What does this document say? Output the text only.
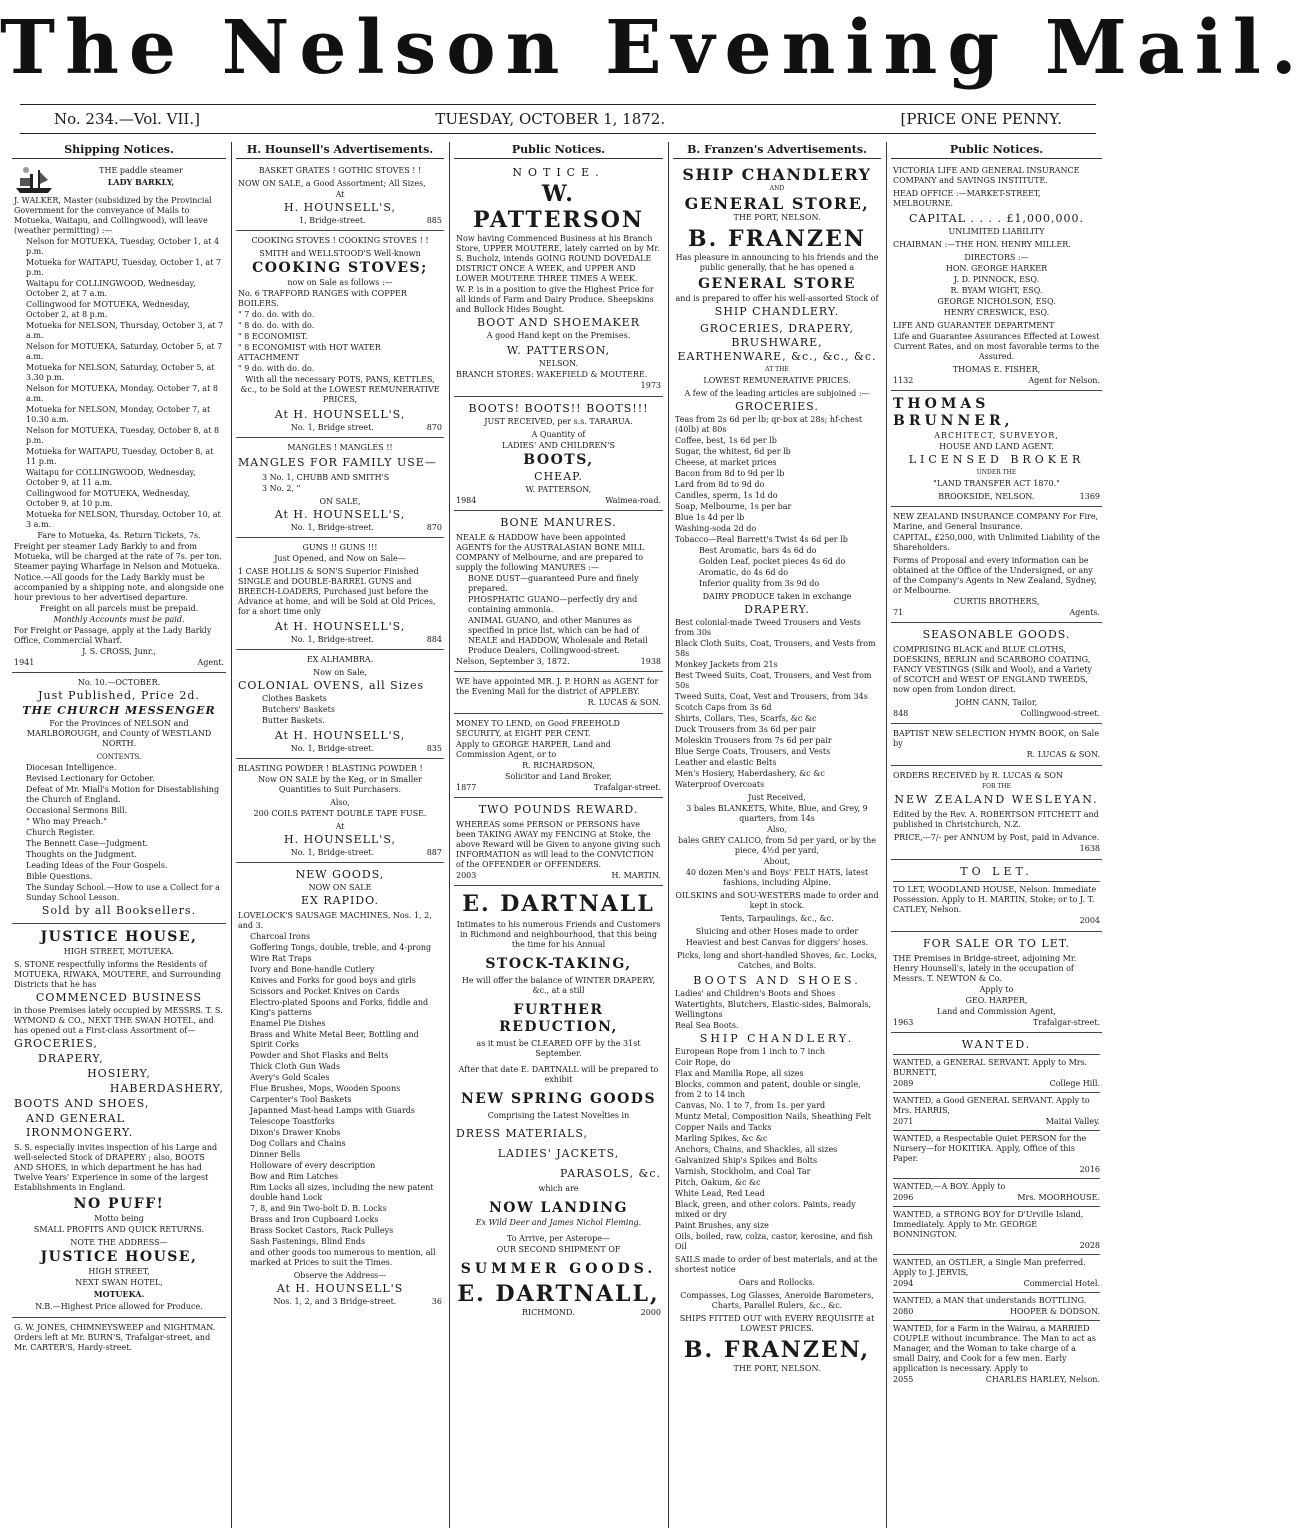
The Nelson Evening Mail.
No. 234.—Vol. VII.]	TUESDAY, OCTOBER 1, 1872.	[PRICE ONE PENNY.
Shipping Notices.

THE paddle steamer

LADY BARKLY,

J. WALKER, Master (subsidized by the Provincial Government for the conveyance of Mails to Motueka, Waitapu, and Collingwood), will leave (weather permitting) :—

Nelson for MOTUEKA, Tuesday, October 1, at 4 p.m.

Motueka for WAITAPU, Tuesday, October 1, at 7 p.m.

Waitapu for COLLINGWOOD, Wednesday, October 2, at 7 a.m.

Collingwood for MOTUEKA, Wednesday, October 2, at 8 p.m.

Motueka for NELSON, Thursday, October 3, at 7 a.m.

Nelson for MOTUEKA, Saturday, October 5, at 7 a.m.

Motueka for NELSON, Saturday, October 5, at 3.30 p.m.

Nelson for MOTUEKA, Monday, October 7, at 8 a.m.

Motueka for NELSON, Monday, October 7, at 10.30 a.m.

Nelson for MOTUEKA, Tuesday, October 8, at 8 p.m.

Motueka for WAITAPU, Tuesday, October 8, at 11 p.m.

Waitapu for COLLINGWOOD, Wednesday, October 9, at 11 a.m.

Collingwood for MOTUEKA, Wednesday, October 9, at 10 p.m.

Motueka for NELSON, Thursday, October 10, at 3 a.m.

Fare to Motueka, 4s. Return Tickets, 7s.

Freight per steamer Lady Barkly to and from Motueka, will be charged at the rate of 7s. per ton. Steamer paying Wharfage in Nelson and Motueka.

Notice.—All goods for the Lady Barkly must be accompanied by a shipping note, and alongside one hour previous to her advertised departure.

Freight on all parcels must be prepaid.

Monthly Accounts must be paid.

For Freight or Passage, apply at the Lady Barkly Office, Commercial Wharf.

J. S. CROSS, Junr.,

1941	Agent.

No. 10.—OCTOBER.

Just Published, Price 2d.

THE CHURCH MESSENGER

For the Provinces of NELSON and MARLBOROUGH, and County of WESTLAND NORTH.

CONTENTS.

Diocesan Intelligence.

Revised Lectionary for October.

Defeat of Mr. Miall's Motion for Disestablishing the Church of England.

Occasional Sermons Bill.

" Who may Preach."

Church Register.

The Bennett Case—Judgment.

Thoughts on the Judgment.

Leading Ideas of the Four Gospels.

Bible Questions.

The Sunday School.—How to use a Collect for a Sunday School Lesson.

Sold by all Booksellers.

JUSTICE HOUSE,

HIGH STREET, MOTUEKA.

S. STONE respectfully informs the Residents of MOTUEKA, RIWAKA, MOUTERE, and Surrounding Districts that he has

COMMENCED BUSINESS

in those Premises lately occupied by MESSRS. T. S. WYMOND & CO., NEXT THE SWAN HOTEL, and has opened out a First-class Assortment of—

GROCERIES,

DRAPERY,

HOSIERY,

HABERDASHERY,

BOOTS AND SHOES,

AND GENERAL IRONMONGERY.

S. S. especially invites inspection of his Large and well-selected Stock of DRAPERY ; also, BOOTS AND SHOES, in which department he has had Twelve Years' Experience in some of the largest Establishments in England.

NO PUFF!

Motto being

SMALL PROFITS AND QUICK RETURNS.

NOTE THE ADDRESS—

JUSTICE HOUSE,

HIGH STREET,

NEXT SWAN HOTEL,

MOTUEKA.

N.B.—Highest Price allowed for Produce.

G. W. JONES, CHIMNEYSWEEP and NIGHTMAN. Orders left at Mr. BURN'S, Trafalgar-street, and Mr. CARTER'S, Hardy-street.

H. Hounsell's Advertisements.

BASKET GRATES ! GOTHIC STOVES ! !

NOW ON SALE, a Good Assortment; All Sizes,

At

H. HOUNSELL'S,

1, Bridge-street.	885

COOKING STOVES ! COOKING STOVES ! !

SMITH and WELLSTOOD'S Well-known

COOKING STOVES;

now on Sale as follows :—

No. 6 TRAFFORD RANGES with COPPER BOILERS.

" 7 do. do. with do.

" 8 do. do. with do.

" 8 ECONOMIST.

" 8 ECONOMIST with HOT WATER ATTACHMENT

" 9 do. with do. do.

With all the necessary POTS, PANS, KETTLES, &c., to be Sold at the LOWEST REMUNERATIVE PRICES,

At H. HOUNSELL'S,

No. 1, Bridge street.	870

MANGLES ! MANGLES !!

MANGLES FOR FAMILY USE—

3 No. 1, CHUBB AND SMITH'S

3 No. 2, "

ON SALE,

At H. HOUNSELL'S,

No. 1, Bridge-street.	870

GUNS !! GUNS !!!

Just Opened, and Now on Sale—

1 CASE HOLLIS & SON'S Superior Finished SINGLE and DOUBLE-BARREL GUNS and BREECH-LOADERS, Purchased just before the Advance at home, and will be Sold at Old Prices, for a short time only

At H. HOUNSELL'S,

No. 1, Bridge-street.	884

EX ALHAMBRA.

Now on Sale,

COLONIAL OVENS, all Sizes

Clothes Baskets

Butchers' Baskets

Butter Baskets.

At H. HOUNSELL'S,

No. 1, Bridge-street.	835

BLASTING POWDER ! BLASTING POWDER !

Now ON SALE by the Keg, or in Smaller Quantities to Suit Purchasers.

Also,

200 COILS PATENT DOUBLE TAPE FUSE.

At

H. HOUNSELL'S,

No. 1, Bridge-street.	887

NEW GOODS,

NOW ON SALE

EX RAPIDO.

LOVELOCK'S SAUSAGE MACHINES, Nos. 1, 2, and 3.

Charcoal Irons

Goffering Tongs, double, treble, and 4-prong

Wire Rat Traps

Ivory and Bone-handle Cutlery

Knives and Forks for good boys and girls

Scissors and Pocket Knives on Cards

Electro-plated Spoons and Forks, fiddle and King's patterns

Enamel Pie Dishes

Brass and White Metal Beer, Bottling and Spirit Corks

Powder and Shot Flasks and Belts

Thick Cloth Gun Wads

Avery's Gold Scales

Flue Brushes, Mops, Wooden Spoons

Carpenter's Tool Baskets

Japanned Mast-head Lamps with Guards

Telescope Toastforks

Dixon's Drawer Knobs

Dog Collars and Chains

Dinner Bells

Holloware of every description

Bow and Rim Latches

Rim Locks all sizes, including the new patent double hand Lock

7, 8, and 9in Two-bolt D. B. Locks

Brass and Iron Cupboard Locks

Brass Socket Castors, Rack Pulleys

Sash Fastenings, Blind Ends

and other goods too numerous to mention, all marked at Prices to suit the Times.

Observe the Address—

At H. HOUNSELL'S

Nos. 1, 2, and 3 Bridge-street.	36
Public Notices.

NOTICE.

W. PATTERSON

Now having Commenced Business at his Branch Store, UPPER MOUTERE, lately carried on by Mr. S. Bucholz, intends GOING ROUND DOVEDALE DISTRICT ONCE A WEEK, and UPPER AND LOWER MOUTERE THREE TIMES A WEEK.

W. P. is in a position to give the Highest Price for all kinds of Farm and Dairy Produce. Sheepskins and Bullock Hides Bought.

BOOT AND SHOEMAKER

A good Hand kept on the Premises.

W. PATTERSON,

NELSON.

BRANCH STORES: WAKEFIELD & MOUTERE.

1973

BOOTS! BOOTS!! BOOTS!!!

JUST RECEIVED, per s.s. TARARUA.

A Quantity of

LADIES' AND CHILDREN'S

BOOTS,

CHEAP.

W. PATTERSON,

1984	Waimea-road.

BONE MANURES.

NEALE & HADDOW have been appointed AGENTS for the AUSTRALASIAN BONE MILL COMPANY of Melbourne, and are prepared to supply the following MANURES :—

BONE DUST—guaranteed Pure and finely prepared.

PHOSPHATIC GUANO—perfectly dry and containing ammonia.

ANIMAL GUANO, and other Manures as specified in price list, which can be had of NEALE and HADDOW, Wholesale and Retail Produce Dealers, Collingwood-street.

Nelson, September 3, 1872.	1938

WE have appointed MR. J. P. HORN as AGENT for the Evening Mail for the district of APPLEBY.

R. LUCAS & SON.

MONEY TO LEND, on Good FREEHOLD SECURITY, at EIGHT PER CENT.

Apply to GEORGE HARPER, Land and Commission Agent, or to

R. RICHARDSON,

Solicitor and Land Broker,

1877	Trafalgar-street.

TWO POUNDS REWARD.

WHEREAS some PERSON or PERSONS have been TAKING AWAY my FENCING at Stoke, the above Reward will be Given to anyone giving such INFORMATION as will lead to the CONVICTION of the OFFENDER or OFFENDERS.

2003	H. MARTIN.

E. DARTNALL

Intimates to his numerous Friends and Customers in Richmond and neighbourhood, that this being the time for his Annual

STOCK-TAKING,

He will offer the balance of WINTER DRAPERY, &c., at a still

FURTHER REDUCTION,

as it must be CLEARED OFF by the 31st September.

After that date E. DARTNALL will be prepared to exhibit

NEW SPRING GOODS

Comprising the Latest Novelties in

DRESS MATERIALS,

LADIES' JACKETS,

PARASOLS, &c.

which are

NOW LANDING

Ex Wild Deer and James Nichol Fleming.

To Arrive, per Asterope—

OUR SECOND SHIPMENT OF

SUMMER GOODS.

E. DARTNALL,

RICHMOND.	2000
B. Franzen's Advertisements.

SHIP CHANDLERY

AND

GENERAL STORE,

THE PORT, NELSON.

B. FRANZEN

Has pleasure in announcing to his friends and the public generally, that he has opened a

GENERAL STORE

and is prepared to offer his well-assorted Stock of

SHIP CHANDLERY.

GROCERIES, DRAPERY, BRUSHWARE, EARTHENWARE, &c., &c., &c.

AT THE

LOWEST REMUNERATIVE PRICES.

A few of the leading articles are subjoined :—

GROCERIES.

Teas from 2s 6d per lb; qr-box at 28s; hf-chest (40lb) at 80s

Coffee, best, 1s 6d per lb

Sugar, the whitest, 6d per lb

Cheese, at market prices

Bacon from 8d to 9d per lb

Lard from 8d to 9d do

Candles, sperm, 1s 1d do

Soap, Melbourne, 1s per bar

Blue 1s 4d per lb

Washing-soda 2d do

Tobacco—Real Barrett's Twist 4s 6d per lb

Best Aromatic, bars 4s 6d do

Golden Leaf, pocket pieces 4s 6d do

Aromatic, do 4s 6d do

Inferior quality from 3s 9d do

DAIRY PRODUCE taken in exchange

DRAPERY.

Best colonial-made Tweed Trousers and Vests from 30s

Black Cloth Suits, Coat, Trousers, and Vests from 58s

Monkey Jackets from 21s

Best Tweed Suits, Coat, Trousers, and Vest from 50s

Tweed Suits, Coat, Vest and Trousers, from 34s

Scotch Caps from 3s 6d

Shirts, Collars, Ties, Scarfs, &c &c

Duck Trousers from 3s 6d per pair

Moleskin Trousers from 7s 6d per pair

Blue Serge Coats, Trousers, and Vests

Leather and elastic Belts

Men's Hosiery, Haberdashery, &c &c

Waterproof Overcoats

Just Received,

3 bales BLANKETS, White, Blue, and Grey, 9 quarters, from 14s

Also,

bales GREY CALICO, from 5d per yard, or by the piece, 4½d per yard,

About,

40 dozen Men's and Boys' FELT HATS, latest fashions, including Alpine.

OILSKINS and SOU-WESTERS made to order and kept in stock.

Tents, Tarpaulings, &c., &c.

Sluicing and other Hoses made to order

Heaviest and best Canvas for diggers' hoses.

Picks, long and short-handled Shoves, &c. Locks, Catches, and Bolts.

BOOTS AND SHOES.

Ladies' and Children's Boots and Shoes

Watertights, Blutchers, Elastic-sides, Balmorals, Wellingtons

Real Sea Boots.

SHIP CHANDLERY.

European Rope from 1 inch to 7 inch

Coir Rope, do

Flax and Manilla Rope, all sizes

Blocks, common and patent, double or single, from 2 to 14 inch

Canvas, No. 1 to 7, from 1s. per yard

Muntz Metal, Composition Nails, Sheathing Felt

Copper Nails and Tacks

Marling Spikes, &c &c

Anchors, Chains, and Shackles, all sizes

Galvanized Ship's Spikes and Bolts

Varnish, Stockholm, and Coal Tar

Pitch, Oakum, &c &c

White Lead, Red Lead

Black, green, and other colors. Paints, ready mixed or dry

Paint Brushes, any size

Oils, boiled, raw, colza, castor, kerosine, and fish Oil

SAILS made to order of best materials, and at the shortest notice

Oars and Rollocks.

Compasses, Log Glasses, Aneroide Barometers, Charts, Parallel Rulers, &c., &c.

SHIPS FITTED OUT with EVERY REQUISITE at LOWEST PRICES.

B. FRANZEN,

THE PORT, NELSON.

Public Notices.

VICTORIA LIFE AND GENERAL INSURANCE COMPANY and SAVINGS INSTITUTE.

HEAD OFFICE :—MARKET-STREET, MELBOURNE.

CAPITAL . . . . £1,000,000.

UNLIMITED LIABILITY

CHAIRMAN :—THE HON. HENRY MILLER.

DIRECTORS :—

HON. GEORGE HARKER

J. D. PINNOCK, ESQ.

R. BYAM WIGHT, ESQ.

GEORGE NICHOLSON, ESQ.

HENRY CRESWICK, ESQ.

LIFE AND GUARANTEE DEPARTMENT

Life and Guarantee Assurances Effected at Lowest Current Rates, and on most favorable terms to the Assured.

THOMAS E. FISHER,

1132	Agent for Nelson.

THOMAS BRUNNER,

ARCHITECT, SURVEYOR,

HOUSE AND LAND AGENT.

LICENSED BROKER

UNDER THE

"LAND TRANSFER ACT 1870."

BROOKSIDE, NELSON.	1369

NEW ZEALAND INSURANCE COMPANY For Fire, Marine, and General Insurance.

CAPITAL, £250,000, with Unlimited Liability of the Shareholders.

Forms of Proposal and every information can be obtained at the Office of the Undersigned, or any of the Company's Agents in New Zealand, Sydney, or Melbourne.

CURTIS BROTHERS,

71	Agents.

SEASONABLE GOODS.

COMPRISING BLACK and BLUE CLOTHS, DOESKINS, BERLIN and SCARBORO COATING, FANCY VESTINGS (Silk and Wool), and a Variety of SCOTCH and WEST OF ENGLAND TWEEDS, now open from London direct.

JOHN CANN, Tailor,

848	Collingwood-street.

BAPTIST NEW SELECTION HYMN BOOK, on Sale by

R. LUCAS & SON.

ORDERS RECEIVED by R. LUCAS & SON

FOR THE

NEW ZEALAND WESLEYAN.

Edited by the Rev. A. ROBERTSON FITCHETT and published in Christchurch, N.Z.

PRICE,—7/- per ANNUM by Post, paid in Advance.

1638

TO LET.

TO LET, WOODLAND HOUSE, Nelson. Immediate Possession. Apply to H. MARTIN, Stoke; or to J. T. CATLEY, Nelson.

2004

FOR SALE OR TO LET.

THE Premises in Bridge-street, adjoining Mr. Henry Hounsell's, lately in the occupation of Messrs. T. NEWTON & Co.

Apply to

GEO. HARPER,

Land and Commission Agent,

1963	Trafalgar-street.

WANTED.

WANTED, a GENERAL SERVANT. Apply to Mrs. BURNETT,

2089	College Hill.

WANTED, a Good GENERAL SERVANT. Apply to Mrs. HARRIS,

2071	Maitai Valley.

WANTED, a Respectable Quiet PERSON for the Nursery—for HOKITIKA. Apply, Office of this Paper.

2016

WANTED,—A BOY. Apply to

2096	Mrs. MOORHOUSE.

WANTED, a STRONG BOY for D'Urville Island, Immediately. Apply to Mr. GEORGE BONNINGTON.

2028

WANTED, an OSTLER, a Single Man preferred. Apply to J. JERVIS,

2094	Commercial Hotel.

WANTED, a MAN that understands BOTTLING.

2080	HOOPER & DODSON.

WANTED, for a Farm in the Wairau, a MARRIED COUPLE without incumbrance. The Man to act as Manager, and the Woman to take charge of a small Dairy, and Cook for a few men. Early application is necessary. Apply to

2055	CHARLES HARLEY, Nelson.
